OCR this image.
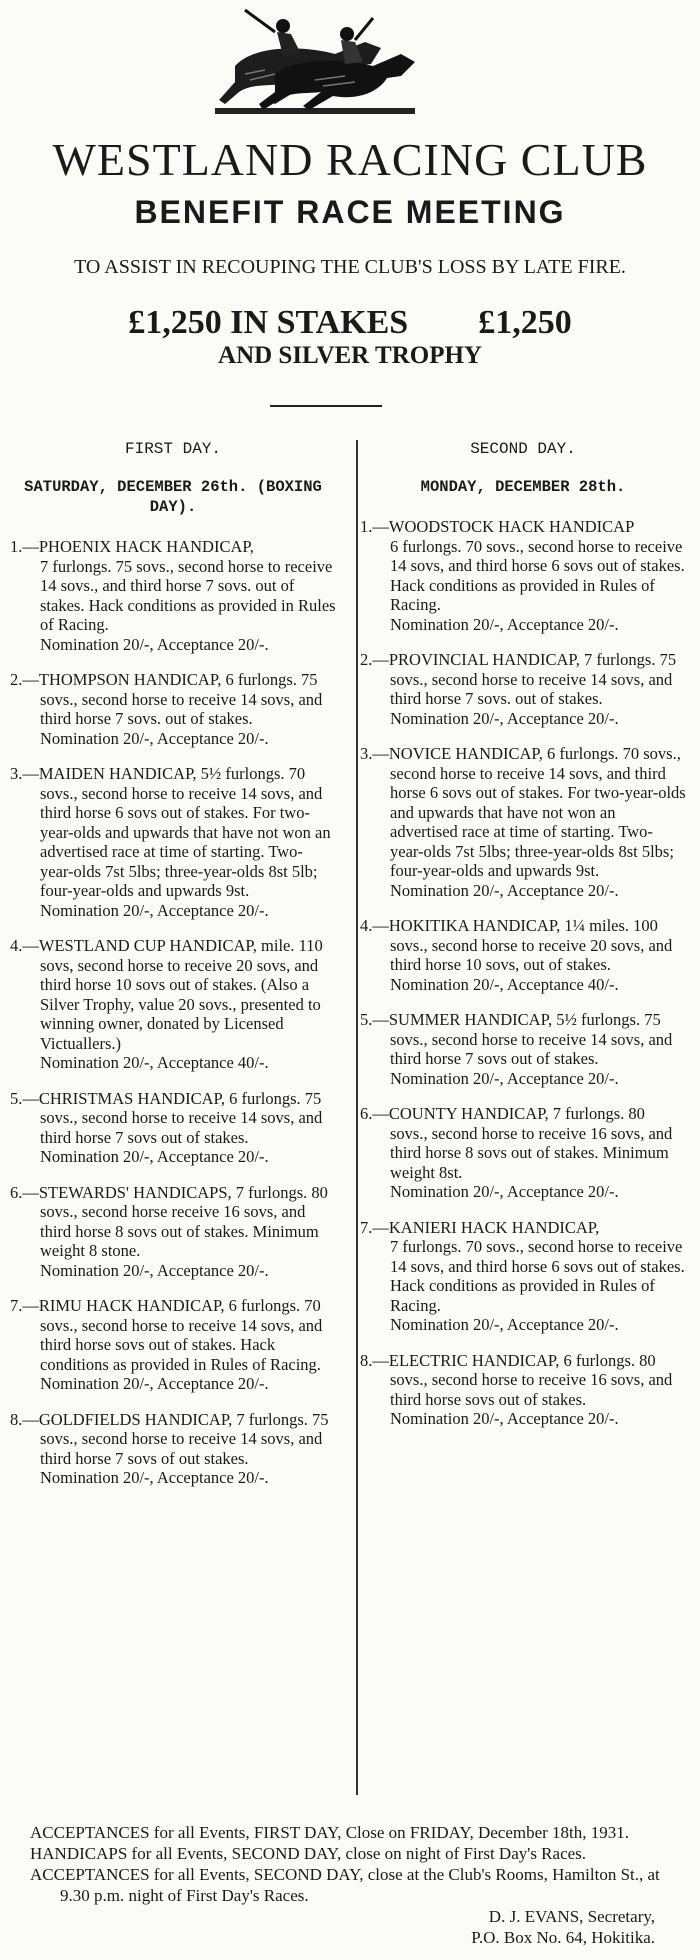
WESTLAND RACING CLUB
BENEFIT RACE MEETING
TO ASSIST IN RECOUPING THE CLUB'S LOSS BY LATE FIRE.
£1,250 IN STAKES £1,250
AND SILVER TROPHY
FIRST DAY.
SATURDAY, DECEMBER 26th. (BOXING DAY).
1.—PHOENIX HACK HANDICAP,
7 furlongs. 75 sovs., second horse to receive 14 sovs., and third horse 7 sovs. out of stakes. Hack conditions as provided in Rules of Racing.
Nomination 20/-, Acceptance 20/-.
2.—THOMPSON HANDICAP, 6 furlongs. 75 sovs., second horse to receive 14 sovs, and third horse 7 sovs. out of stakes.
Nomination 20/-, Acceptance 20/-.
3.—MAIDEN HANDICAP, 5½ furlongs. 70 sovs., second horse to receive 14 sovs, and third horse 6 sovs out of stakes. For two-year-olds and upwards that have not won an advertised race at time of starting. Two-year-olds 7st 5lbs; three-year-olds 8st 5lb; four-year-olds and upwards 9st.
Nomination 20/-, Acceptance 20/-.
4.—WESTLAND CUP HANDICAP, mile. 110 sovs, second horse to receive 20 sovs, and third horse 10 sovs out of stakes. (Also a Silver Trophy, value 20 sovs., presented to winning owner, donated by Licensed Victuallers.)
Nomination 20/-, Acceptance 40/-.
5.—CHRISTMAS HANDICAP, 6 furlongs. 75 sovs., second horse to receive 14 sovs, and third horse 7 sovs out of stakes.
Nomination 20/-, Acceptance 20/-.
6.—STEWARDS' HANDICAPS, 7 furlongs. 80 sovs., second horse receive 16 sovs, and third horse 8 sovs out of stakes. Minimum weight 8 stone.
Nomination 20/-, Acceptance 20/-.
7.—RIMU HACK HANDICAP, 6 furlongs. 70 sovs., second horse to receive 14 sovs, and third horse sovs out of stakes. Hack conditions as provided in Rules of Racing.
Nomination 20/-, Acceptance 20/-.
8.—GOLDFIELDS HANDICAP, 7 furlongs. 75 sovs., second horse to receive 14 sovs, and third horse 7 sovs of out stakes.
Nomination 20/-, Acceptance 20/-.
SECOND DAY.
MONDAY, DECEMBER 28th.
1.—WOODSTOCK HACK HANDICAP
6 furlongs. 70 sovs., second horse to receive 14 sovs, and third horse 6 sovs out of stakes. Hack conditions as provided in Rules of Racing.
Nomination 20/-, Acceptance 20/-.
2.—PROVINCIAL HANDICAP, 7 furlongs. 75 sovs., second horse to receive 14 sovs, and third horse 7 sovs. out of stakes.
Nomination 20/-, Acceptance 20/-.
3.—NOVICE HANDICAP, 6 furlongs. 70 sovs., second horse to receive 14 sovs, and third horse 6 sovs out of stakes. For two-year-olds and upwards that have not won an advertised race at time of starting. Two-year-olds 7st 5lbs; three-year-olds 8st 5lbs; four-year-olds and upwards 9st.
Nomination 20/-, Acceptance 20/-.
4.—HOKITIKA HANDICAP, 1¼ miles. 100 sovs., second horse to receive 20 sovs, and third horse 10 sovs, out of stakes.
Nomination 20/-, Acceptance 40/-.
5.—SUMMER HANDICAP, 5½ furlongs. 75 sovs., second horse to receive 14 sovs, and third horse 7 sovs out of stakes.
Nomination 20/-, Acceptance 20/-.
6.—COUNTY HANDICAP, 7 furlongs. 80 sovs., second horse to receive 16 sovs, and third horse 8 sovs out of stakes. Minimum weight 8st.
Nomination 20/-, Acceptance 20/-.
7.—KANIERI HACK HANDICAP,
7 furlongs. 70 sovs., second horse to receive 14 sovs, and third horse 6 sovs out of stakes. Hack conditions as provided in Rules of Racing.
Nomination 20/-, Acceptance 20/-.
8.—ELECTRIC HANDICAP, 6 furlongs. 80 sovs., second horse to receive 16 sovs, and third horse sovs out of stakes.
Nomination 20/-, Acceptance 20/-.
ACCEPTANCES for all Events, FIRST DAY, Close on FRIDAY, December 18th, 1931.
HANDICAPS for all Events, SECOND DAY, close on night of First Day's Races.
ACCEPTANCES for all Events, SECOND DAY, close at the Club's Rooms, Hamilton St., at 9.30 p.m. night of First Day's Races.
D. J. EVANS, Secretary,
P.O. Box No. 64, Hokitika.
